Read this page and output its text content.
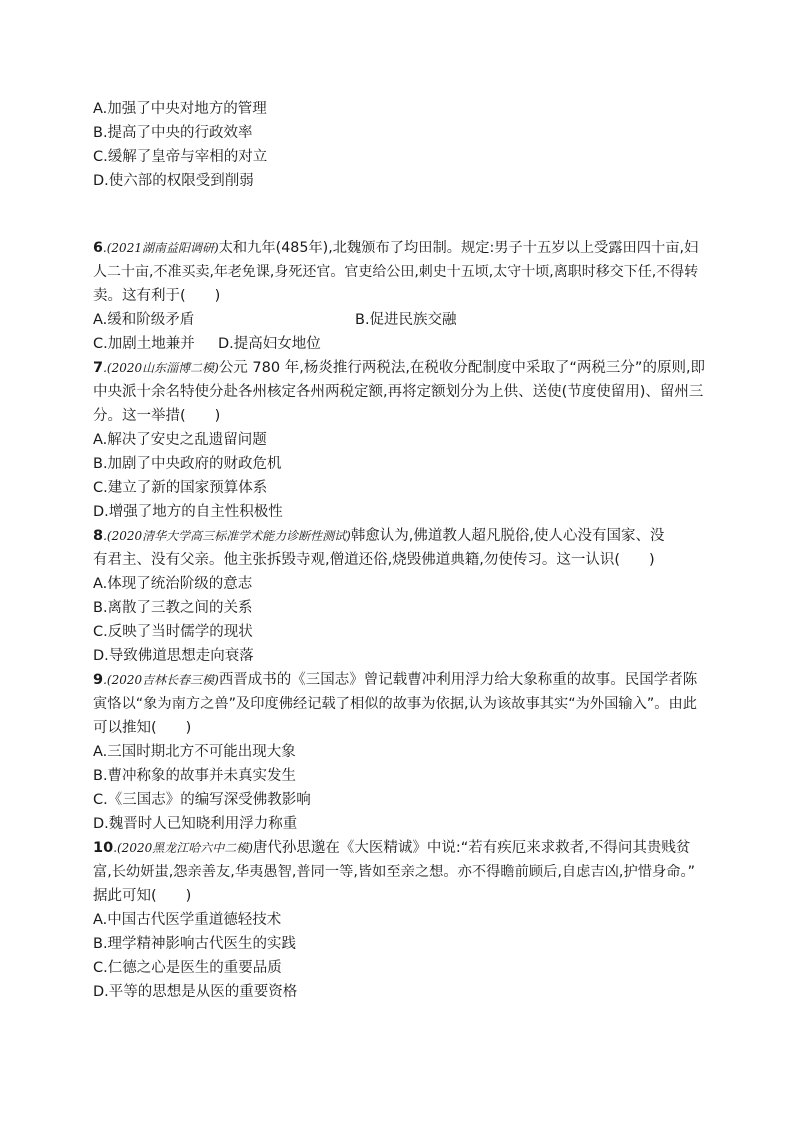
A.加强了中央对地方的管理
B.提高了中央的行政效率
C.缓解了皇帝与宰相的对立
D.使六部的权限受到削弱
6.(2021湖南益阳调研)太和九年(485年),北魏颁布了均田制。规定:男子十五岁以上受露田四十亩,妇
人二十亩,不准买卖,年老免课,身死还官。官吏给公田,刺史十五顷,太守十顷,离职时移交下任,不得转
卖。这有利于(　　)
A.缓和阶级矛盾	B.促进民族交融
C.加剧土地兼并 D.提高妇女地位
7.(2020山东淄博二模)公元 780 年,杨炎推行两税法,在税收分配制度中采取了“两税三分”的原则,即
中央派十余名特使分赴各州核定各州两税定额,再将定额划分为上供、送使(节度使留用)、留州三
分。这一举措(　　)
A.解决了安史之乱遗留问题
B.加剧了中央政府的财政危机
C.建立了新的国家预算体系
D.增强了地方的自主性积极性
8.(2020清华大学高三标准学术能力诊断性测试)韩愈认为,佛道教人超凡脱俗,使人心没有国家、没
有君主、没有父亲。他主张拆毁寺观,僧道还俗,烧毁佛道典籍,勿使传习。这一认识(　　)
A.体现了统治阶级的意志
B.离散了三教之间的关系
C.反映了当时儒学的现状
D.导致佛道思想走向衰落
9.(2020吉林长春三模)西晋成书的《三国志》曾记载曹冲利用浮力给大象称重的故事。民国学者陈
寅恪以“象为南方之兽”及印度佛经记载了相似的故事为依据,认为该故事其实“为外国输入”。由此
可以推知(　　)
A.三国时期北方不可能出现大象
B.曹冲称象的故事并未真实发生
C.《三国志》的编写深受佛教影响
D.魏晋时人已知晓利用浮力称重
10.(2020黑龙江哈六中二模)唐代孙思邈在《大医精诚》中说:“若有疾厄来求救者,不得问其贵贱贫
富,长幼妍蚩,怨亲善友,华夷愚智,普同一等,皆如至亲之想。亦不得瞻前顾后,自虑吉凶,护惜身命。”
据此可知(　　)
A.中国古代医学重道德轻技术
B.理学精神影响古代医生的实践
C.仁德之心是医生的重要品质
D.平等的思想是从医的重要资格
